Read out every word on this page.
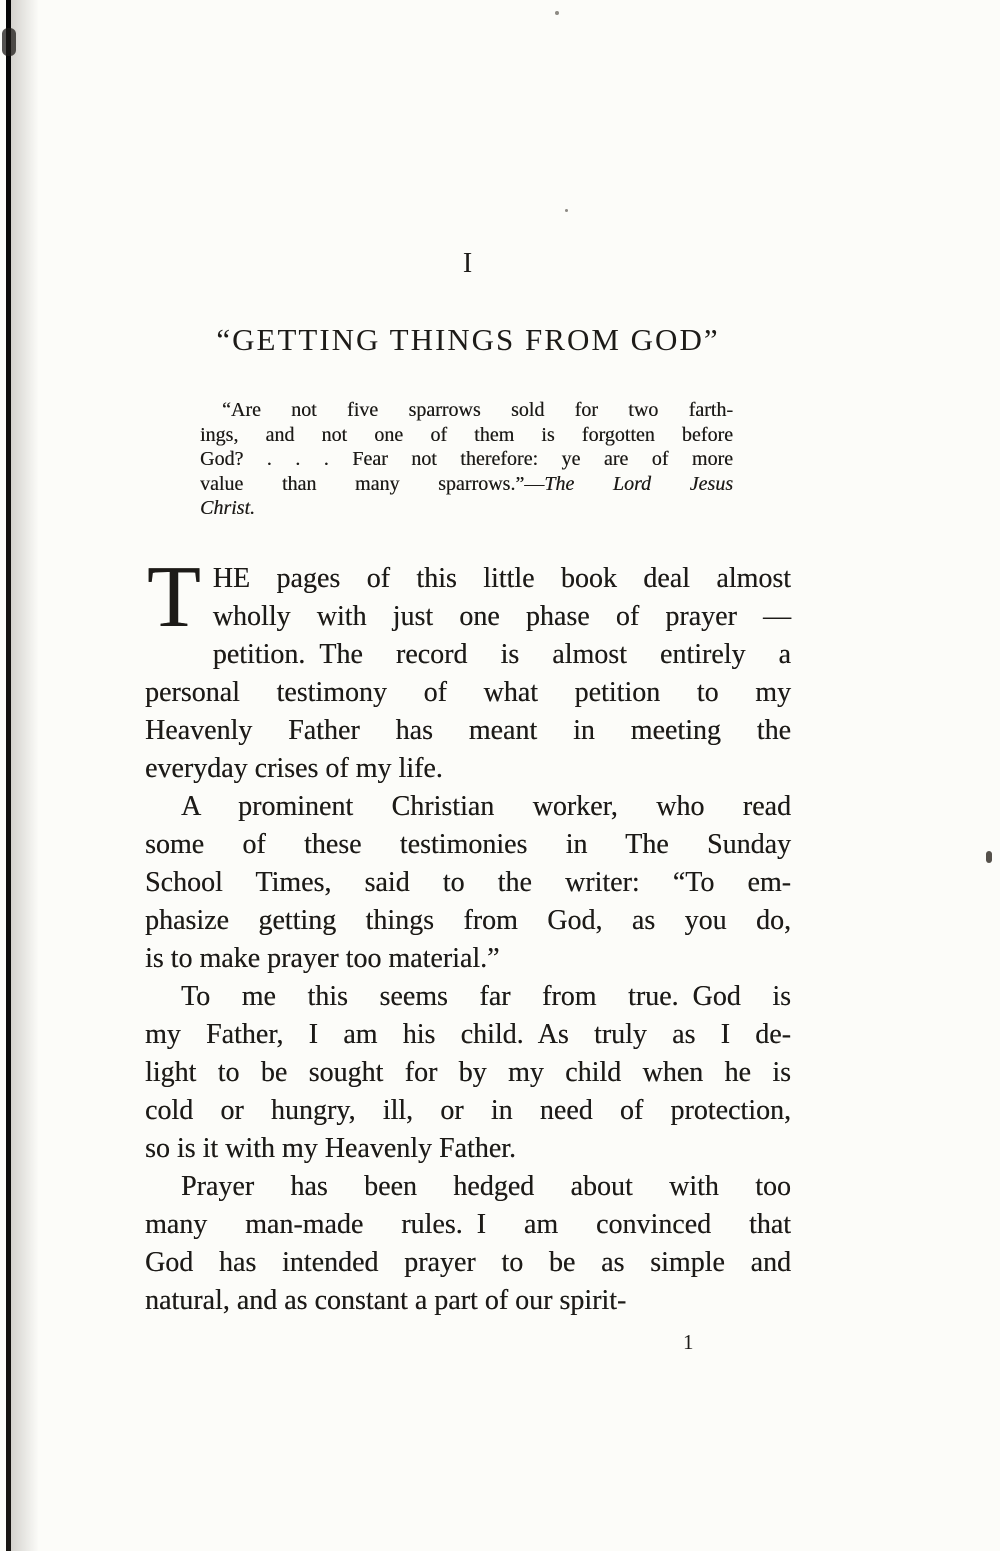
I
“GETTING THINGS FROM GOD”
“Are not five sparrows sold for two farth-
ings, and not one of them is forgotten before
God? . . . Fear not therefore: ye are of more
value than many sparrows.”—The Lord Jesus
Christ.
T HE pages of this little book deal almost
wholly with just one phase of prayer —
petition. The record is almost entirely a
personal testimony of what petition to my
Heavenly Father has meant in meeting the
everyday crises of my life.
A prominent Christian worker, who read
some of these testimonies in The Sunday
School Times, said to the writer: “To em-
phasize getting things from God, as you do,
is to make prayer too material.”
To me this seems far from true. God is
my Father, I am his child. As truly as I de-
light to be sought for by my child when he is
cold or hungry, ill, or in need of protection,
so is it with my Heavenly Father.
Prayer has been hedged about with too
many man-made rules. I am convinced that
God has intended prayer to be as simple and
natural, and as constant a part of our spirit-
1
